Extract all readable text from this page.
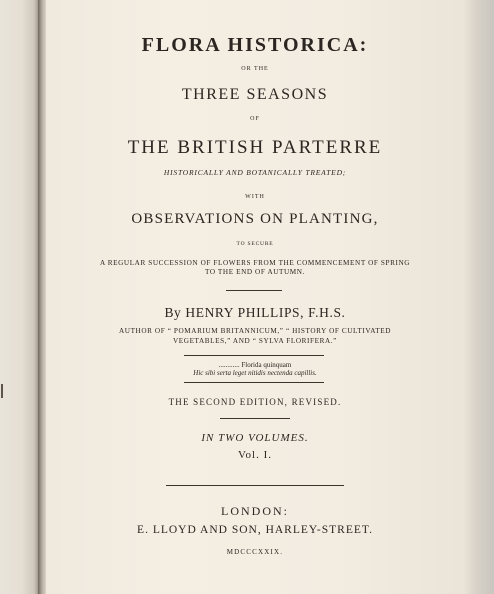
FLORA HISTORICA:
OR THE
THREE SEASONS
OF
THE BRITISH PARTERRE
HISTORICALLY AND BOTANICALLY TREATED;
WITH
OBSERVATIONS ON PLANTING,
TO SECURE
A REGULAR SUCCESSION OF FLOWERS FROM THE COMMENCEMENT OF SPRING
TO THE END OF AUTUMN.
By HENRY PHILLIPS, F.H.S.
AUTHOR OF “ POMARIUM BRITANNICUM,” “ HISTORY OF CULTIVATED
VEGETABLES,” AND “ SYLVA FLORIFERA.”
............ Florida quinquam
Hic sibi serta leget nitidis nectenda capillis.
THE SECOND EDITION, REVISED.
IN TWO VOLUMES.
Vol. I.
LONDON:
E. LLOYD AND SON, HARLEY-STREET.
MDCCCXXIX.
